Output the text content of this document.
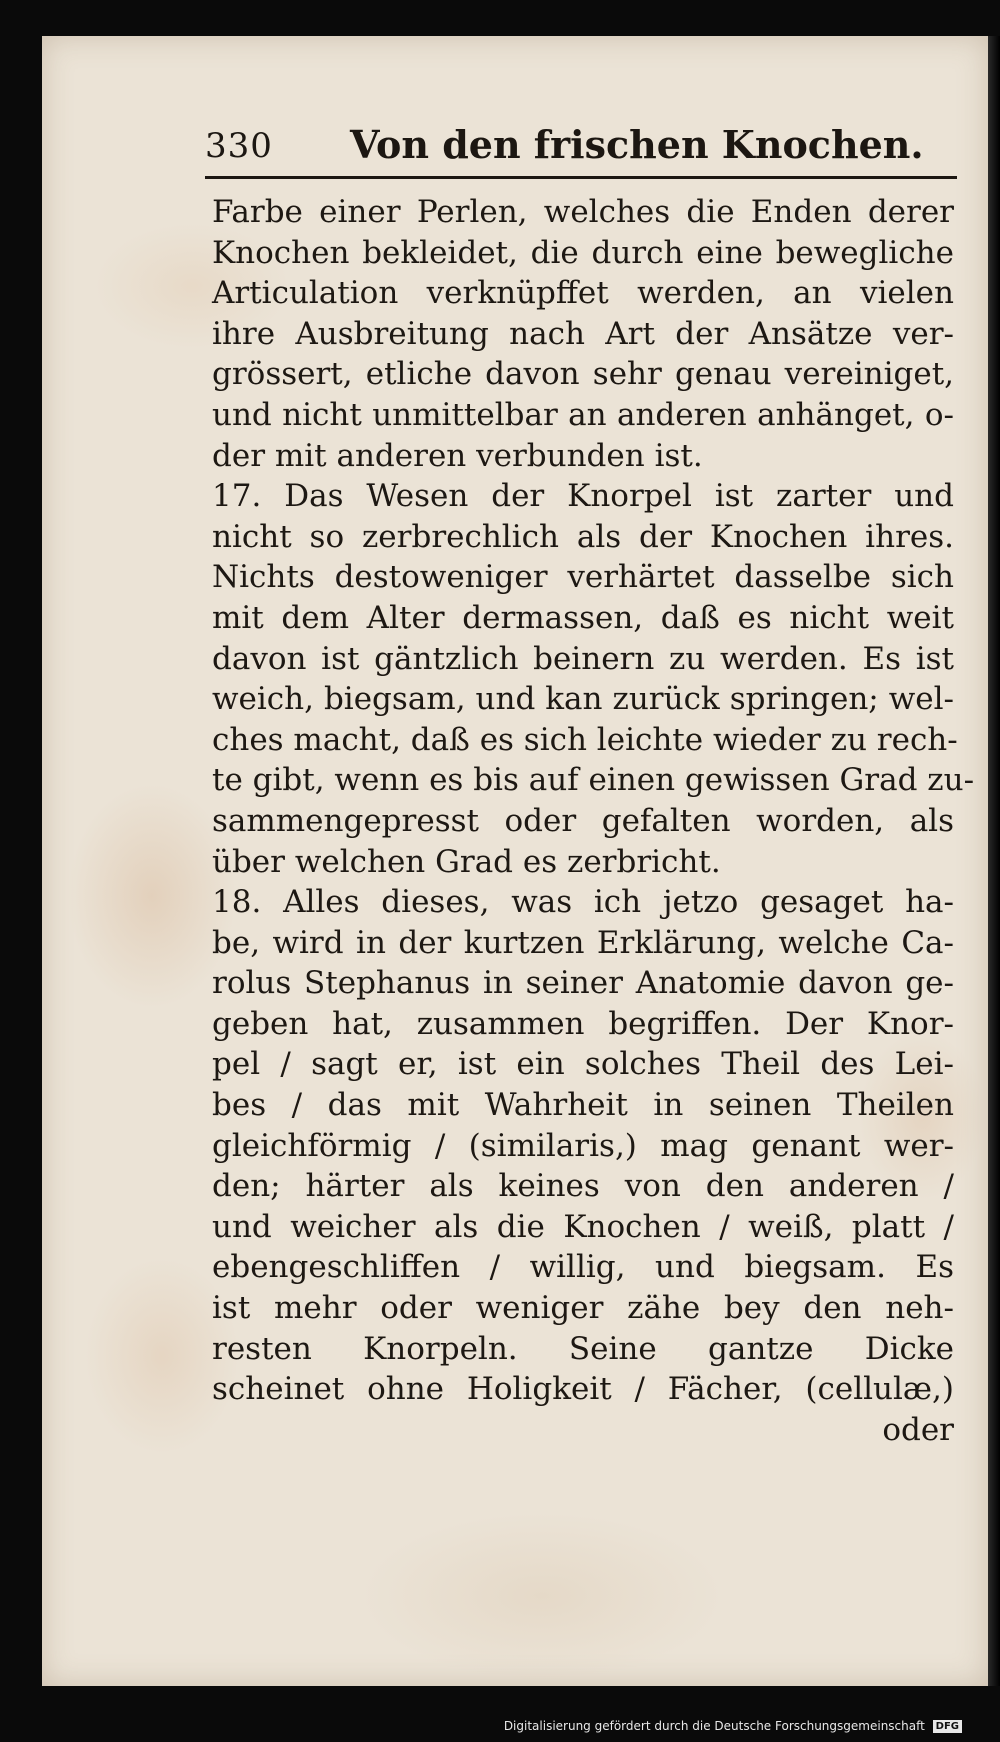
330 Von den frischen Knochen.
Farbe einer Perlen, welches die Enden derer
Knochen bekleidet, die durch eine bewegliche
Articulation verknüpffet werden, an vielen
ihre Ausbreitung nach Art der Ansätze ver-
grössert, etliche davon sehr genau vereiniget,
und nicht unmittelbar an anderen anhänget, o-
der mit anderen verbunden ist.
17. Das Wesen der Knorpel ist zarter und
nicht so zerbrechlich als der Knochen ihres.
Nichts destoweniger verhärtet dasselbe sich
mit dem Alter dermassen, daß es nicht weit
davon ist gäntzlich beinern zu werden. Es ist
weich, biegsam, und kan zurück springen; wel-
ches macht, daß es sich leichte wieder zu rech-
te gibt, wenn es bis auf einen gewissen Grad zu-
sammengepresst oder gefalten worden, als
über welchen Grad es zerbricht.
18. Alles dieses, was ich jetzo gesaget ha-
be, wird in der kurtzen Erklärung, welche Ca-
rolus Stephanus in seiner Anatomie davon ge-
geben hat, zusammen begriffen. Der Knor-
pel / sagt er, ist ein solches Theil des Lei-
bes / das mit Wahrheit in seinen Theilen
gleichförmig / (similaris,) mag genant wer-
den; härter als keines von den anderen /
und weicher als die Knochen / weiß, platt /
ebengeschliffen / willig, und biegsam. Es
ist mehr oder weniger zähe bey den neh-
resten Knorpeln. Seine gantze Dicke
scheinet ohne Holigkeit / Fächer, (cellulæ,)
oder
Digitalisierung gefördert durch die Deutsche Forschungsgemeinschaft DFG
